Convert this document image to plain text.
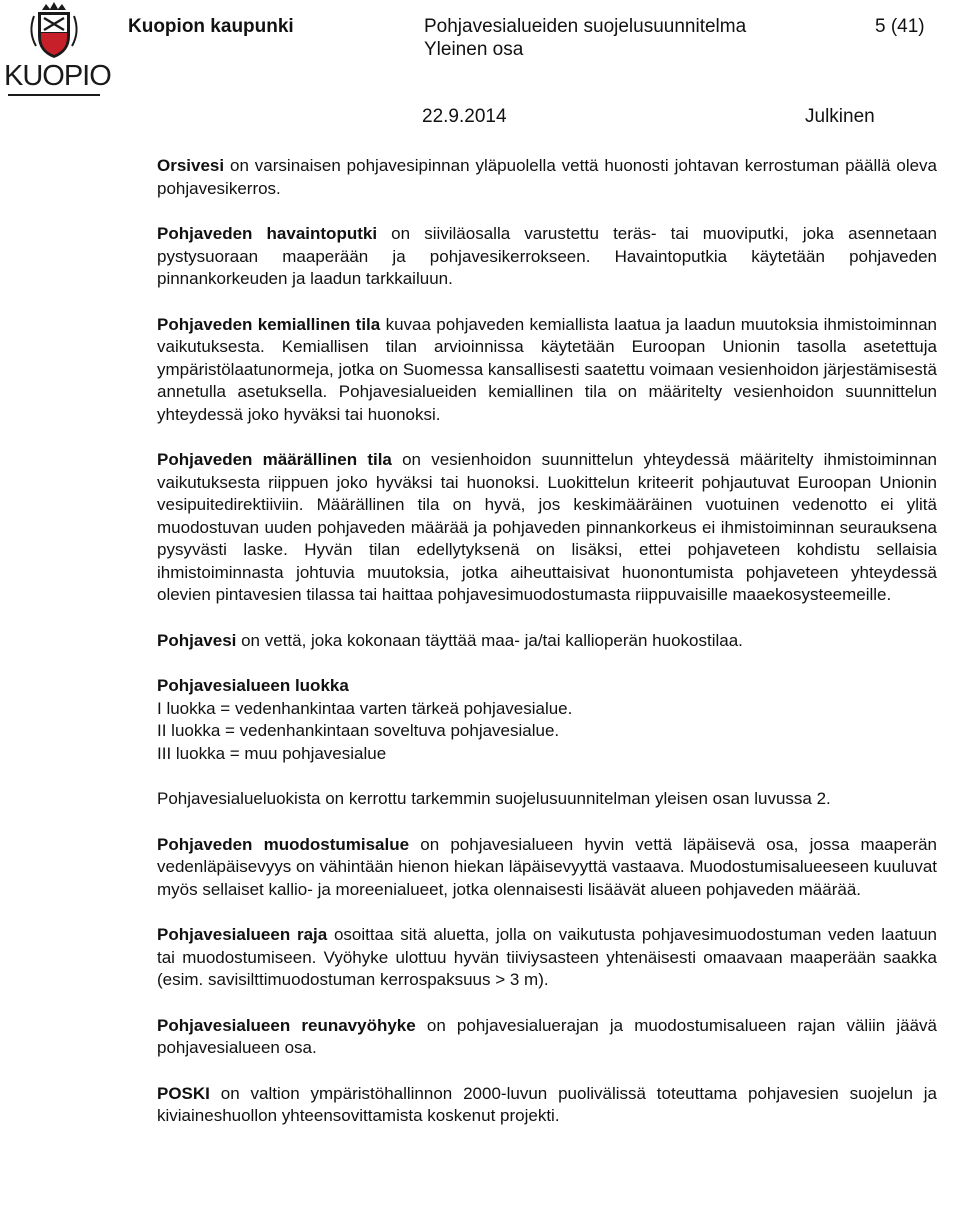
KUOPIO
Kuopion kaupunki	Pohjavesialueiden suojelusuunnitelma
Yleinen osa
5 (41)
22.9.2014	Julkinen

Orsivesi on varsinaisen pohjavesipinnan yläpuolella vettä huonosti johtavan kerrostuman päällä oleva pohjavesikerros.

Pohjaveden havaintoputki on siiviläosalla varustettu teräs- tai muoviputki, joka asennetaan pystysuoraan maaperään ja pohjavesikerrokseen. Havaintoputkia käytetään pohjaveden pinnankorkeuden ja laadun tarkkailuun.

Pohjaveden kemiallinen tila kuvaa pohjaveden kemiallista laatua ja laadun muutoksia ihmistoiminnan vaikutuksesta. Kemiallisen tilan arvioinnissa käytetään Euroopan Unionin tasolla asetettuja ympäristölaatunormeja, jotka on Suomessa kansallisesti saatettu voimaan vesienhoidon järjestämisestä annetulla asetuksella. Pohjavesialueiden kemiallinen tila on määritelty vesienhoidon suunnittelun yhteydessä joko hyväksi tai huonoksi.

Pohjaveden määrällinen tila on vesienhoidon suunnittelun yhteydessä määritelty ihmistoiminnan vaikutuksesta riippuen joko hyväksi tai huonoksi. Luokittelun kriteerit pohjautuvat Euroopan Unionin vesipuitedirektiiviin. Määrällinen tila on hyvä, jos keskimääräinen vuotuinen vedenotto ei ylitä muodostuvan uuden pohjaveden määrää ja pohjaveden pinnankorkeus ei ihmistoiminnan seurauksena pysyvästi laske. Hyvän tilan edellytyksenä on lisäksi, ettei pohjaveteen kohdistu sellaisia ihmistoiminnasta johtuvia muutoksia, jotka aiheuttaisivat huonontumista pohjaveteen yhteydessä olevien pintavesien tilassa tai haittaa pohjavesimuodostumasta riippuvaisille maaekosysteemeille.

Pohjavesi on vettä, joka kokonaan täyttää maa- ja/tai kallioperän huokostilaa.

Pohjavesialueen luokka
I luokka = vedenhankintaa varten tärkeä pohjavesialue.
II luokka = vedenhankintaan soveltuva pohjavesialue.
III luokka = muu pohjavesialue

Pohjavesialueluokista on kerrottu tarkemmin suojelusuunnitelman yleisen osan luvussa 2.

Pohjaveden muodostumisalue on pohjavesialueen hyvin vettä läpäisevä osa, jossa maaperän vedenläpäisevyys on vähintään hienon hiekan läpäisevyyttä vastaava. Muodostumisalueeseen kuuluvat myös sellaiset kallio- ja moreenialueet, jotka olennaisesti lisäävät alueen pohjaveden määrää.

Pohjavesialueen raja osoittaa sitä aluetta, jolla on vaikutusta pohjavesimuodostuman veden laatuun tai muodostumiseen. Vyöhyke ulottuu hyvän tiiviysasteen yhtenäisesti omaavaan maaperään saakka (esim. savisilttimuodostuman kerrospaksuus > 3 m).

Pohjavesialueen reunavyöhyke on pohjavesialuerajan ja muodostumisalueen rajan väliin jäävä pohjavesialueen osa.

POSKI on valtion ympäristöhallinnon 2000-luvun puolivälissä toteuttama pohjavesien suojelun ja kiviaineshuollon yhteensovittamista koskenut projekti.
